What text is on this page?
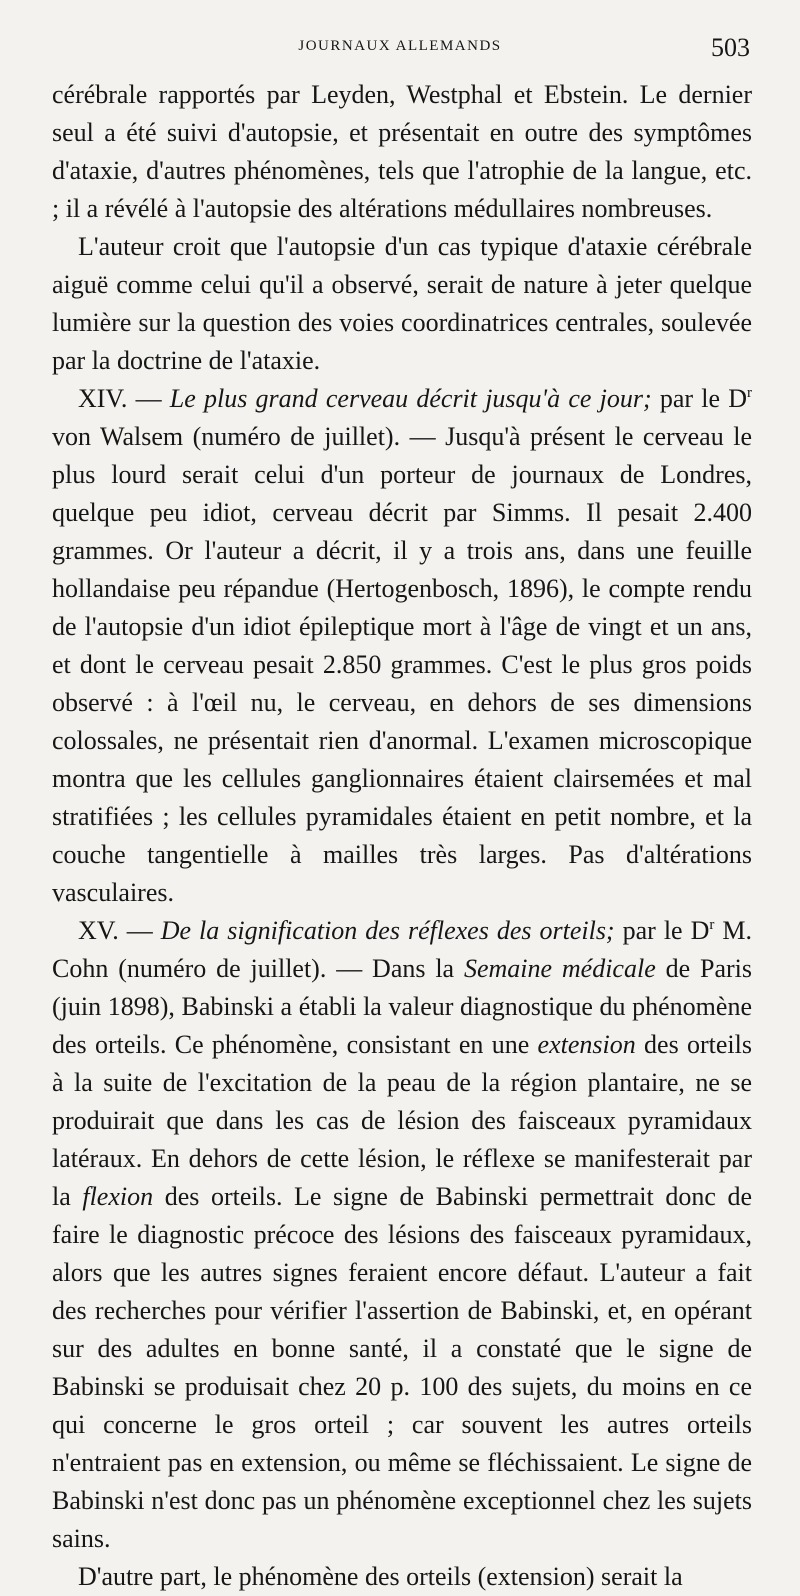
JOURNAUX ALLEMANDS	503

cérébrale rapportés par Leyden, Westphal et Ebstein. Le dernier seul a été suivi d'autopsie, et présentait en outre des symptômes d'ataxie, d'autres phénomènes, tels que l'atrophie de la langue, etc. ; il a révélé à l'autopsie des altérations médullaires nombreuses.

L'auteur croit que l'autopsie d'un cas typique d'ataxie cérébrale aiguë comme celui qu'il a observé, serait de nature à jeter quelque lumière sur la question des voies coordinatrices centrales, soulevée par la doctrine de l'ataxie.

XIV. — Le plus grand cerveau décrit jusqu'à ce jour; par le $D^r$ von Walsem (numéro de juillet). — Jusqu'à présent le cerveau le plus lourd serait celui d'un porteur de journaux de Londres, quelque peu idiot, cerveau décrit par Simms. Il pesait 2.400 grammes. Or l'auteur a décrit, il y a trois ans, dans une feuille hollandaise peu répandue (Hertogenbosch, 1896), le compte rendu de l'autopsie d'un idiot épileptique mort à l'âge de vingt et un ans, et dont le cerveau pesait 2.850 grammes. C'est le plus gros poids observé : à l'œil nu, le cerveau, en dehors de ses dimensions colossales, ne présentait rien d'anormal. L'examen microscopique montra que les cellules ganglionnaires étaient clairsemées et mal stratifiées ; les cellules pyramidales étaient en petit nombre, et la couche tangentielle à mailles très larges. Pas d'altérations vasculaires.

XV. — De la signification des réflexes des orteils; par le $D^r$ M. Cohn (numéro de juillet). — Dans la Semaine médicale de Paris (juin 1898), Babinski a établi la valeur diagnostique du phénomène des orteils. Ce phénomène, consistant en une extension des orteils à la suite de l'excitation de la peau de la région plantaire, ne se produirait que dans les cas de lésion des faisceaux pyramidaux latéraux. En dehors de cette lésion, le réflexe se manifesterait par la flexion des orteils. Le signe de Babinski permettrait donc de faire le diagnostic précoce des lésions des faisceaux pyramidaux, alors que les autres signes feraient encore défaut. L'auteur a fait des recherches pour vérifier l'assertion de Babinski, et, en opérant sur des adultes en bonne santé, il a constaté que le signe de Babinski se produisait chez 20 p. 100 des sujets, du moins en ce qui concerne le gros orteil ; car souvent les autres orteils n'entraient pas en extension, ou même se fléchissaient. Le signe de Babinski n'est donc pas un phénomène exceptionnel chez les sujets sains.

D'autre part, le phénomène des orteils (extension) serait la
